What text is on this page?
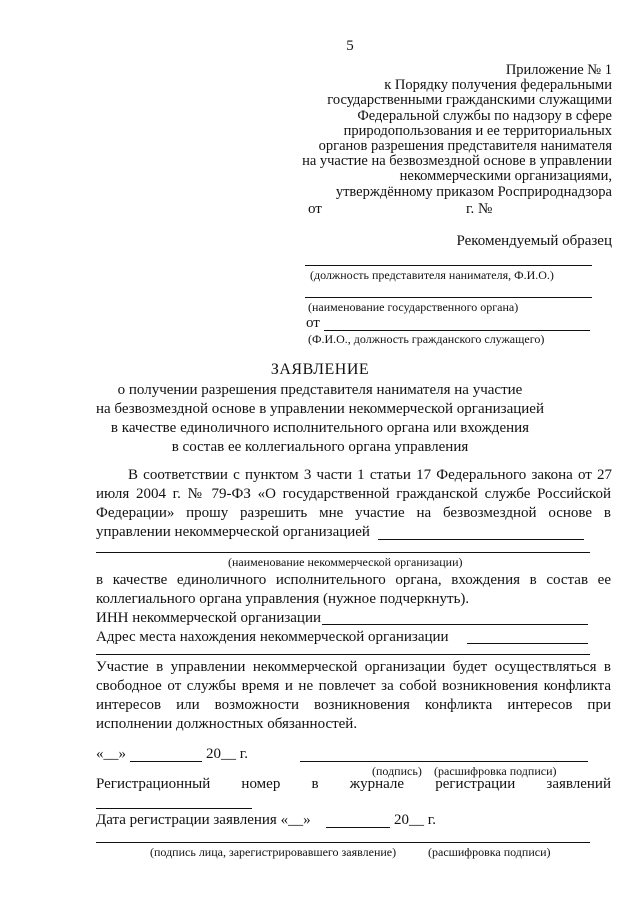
5
Приложение № 1
к Порядку получения федеральными
государственными гражданскими служащими
Федеральной службы по надзору в сфере
природопользования и ее территориальных
органов разрешения представителя нанимателя
на участие на безвозмездной основе в управлении
некоммерческими организациями,
утверждённому приказом Росприроднадзора
от	г. №
Рекомендуемый образец
(должность представителя нанимателя, Ф.И.О.)
(наименование государственного органа)
от
(Ф.И.О., должность гражданского служащего)
ЗАЯВЛЕНИЕ
о получении разрешения представителя нанимателя на участие
на безвозмездной основе в управлении некоммерческой организацией
в качестве единоличного исполнительного органа или вхождения
в состав ее коллегиального органа управления
В соответствии с пунктом 3 части 1 статьи 17 Федерального закона от 27
июля 2004 г. № 79-ФЗ «О государственной гражданской службе Российской
Федерации» прошу разрешить мне участие на безвозмездной основе в
управлении некоммерческой организацией
(наименование некоммерческой организации)
в качестве единоличного исполнительного органа, вхождения в состав ее
коллегиального органа управления (нужное подчеркнуть).
ИНН некоммерческой организации
Адрес места нахождения некоммерческой организации
Участие в управлении некоммерческой организации будет осуществляться в
свободное от службы время и не повлечет за собой возникновения конфликта
интересов или возможности возникновения конфликта интересов при
исполнении должностных обязанностей.
«__»	20__ г.
(подпись) (расшифровка подписи)
Регистрационный номер в журнале регистрации заявлений
Дата регистрации заявления «__»	20__ г.
(подпись лица, зарегистрировавшего заявление)	(расшифровка подписи)
